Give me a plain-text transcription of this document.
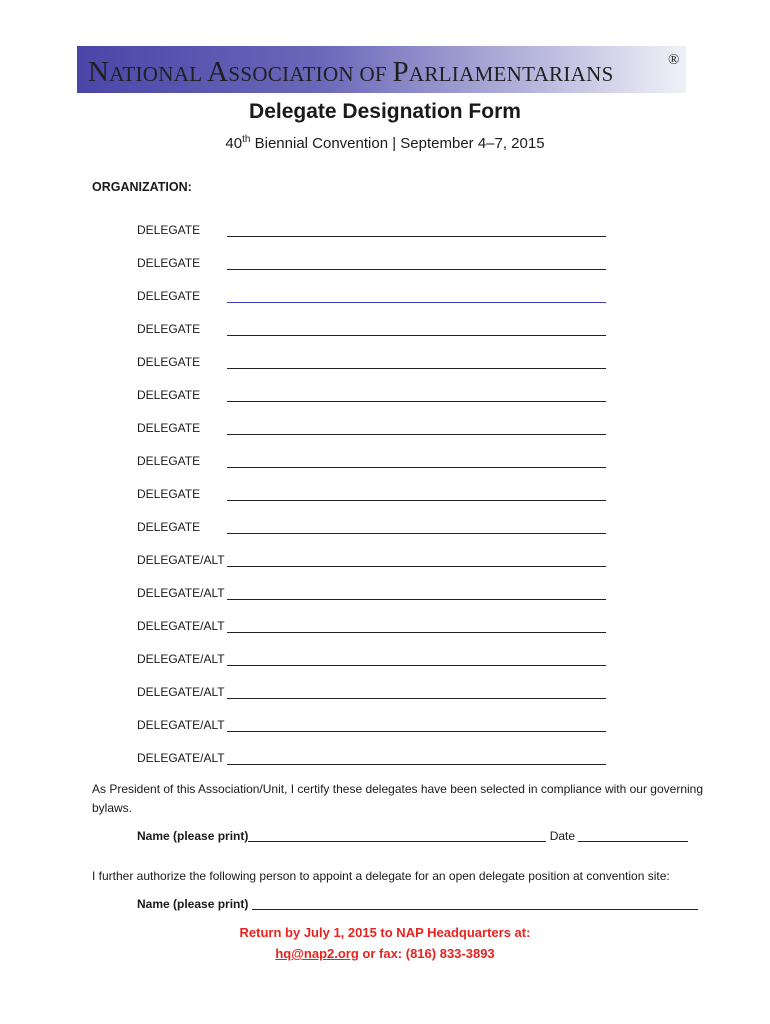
NATIONAL ASSOCIATION OF PARLIAMENTARIANS
®
Delegate Designation Form
40th Biennial Convention | September 4–7, 2015
ORGANIZATION:
DELEGATE
DELEGATE
DELEGATE
DELEGATE
DELEGATE
DELEGATE
DELEGATE
DELEGATE
DELEGATE
DELEGATE
DELEGATE/ALT
DELEGATE/ALT
DELEGATE/ALT
DELEGATE/ALT
DELEGATE/ALT
DELEGATE/ALT
DELEGATE/ALT
As President of this Association/Unit, I certify these delegates have been selected in compliance with our governing bylaws.
Name (please print)	Date
I further authorize the following person to appoint a delegate for an open delegate position at convention site:
Name (please print)
Return by July 1, 2015 to NAP Headquarters at:
hq@nap2.org or fax: (816) 833-3893
